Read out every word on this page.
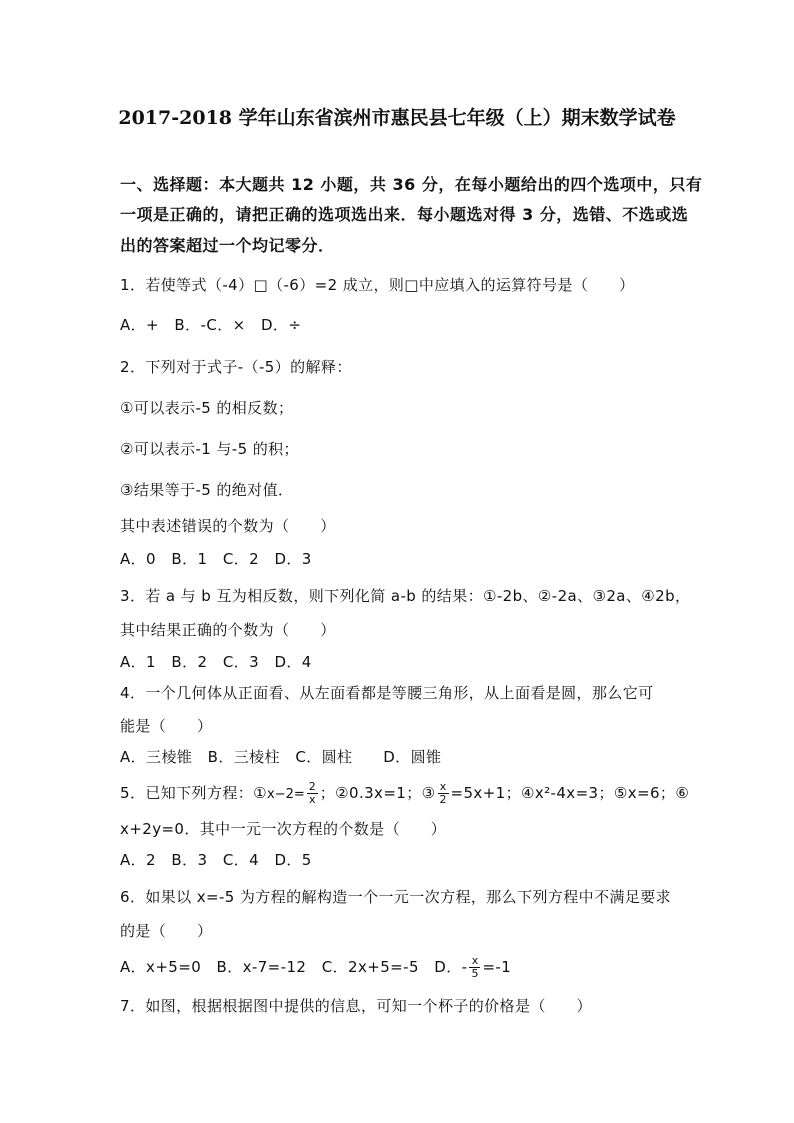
2017-2018 学年山东省滨州市惠民县七年级（上）期末数学试卷
一、选择题：本大题共 12 小题，共 36 分，在每小题给出的四个选项中，只有
一项是正确的，请把正确的选项选出来．每小题选对得 3 分，选错、不选或选
出的答案超过一个均记零分．
1．若使等式（-4）□（-6）=2 成立，则□中应填入的运算符号是（　　）
A．+　B．-C．×　D．÷
2．下列对于式子-（-5）的解释：
①可以表示-5 的相反数；
②可以表示-1 与-5 的积；
③结果等于-5 的绝对值．
其中表述错误的个数为（　　）
A．0　B．1　C．2　D．3
3．若 a 与 b 互为相反数，则下列化简 a-b 的结果：①-2b、②-2a、③2a、④2b，
其中结果正确的个数为（　　）
A．1　B．2　C．3　D．4
4．一个几何体从正面看、从左面看都是等腰三角形，从上面看是圆，那么它可
能是（　　）
A．三棱锥　B．三棱柱　C．圆柱　　D．圆锥
5．已知下列方程：①x−2= $\frac{2}{x}$ ；②0.3x=1；③ $\frac{x}{2} =5x+1$；④x²-4x=3；⑤x=6；⑥
x+2y=0．其中一元一次方程的个数是（　　）
A．2　B．3　C．4　D．5
6．如果以 x=-5 为方程的解构造一个一元一次方程，那么下列方程中不满足要求
的是（　　）
A．x+5=0　B．x-7=-12　C．2x+5=-5　D．- $\frac{x}{5} =-1$
7．如图，根据根据图中提供的信息，可知一个杯子的价格是（　　）
